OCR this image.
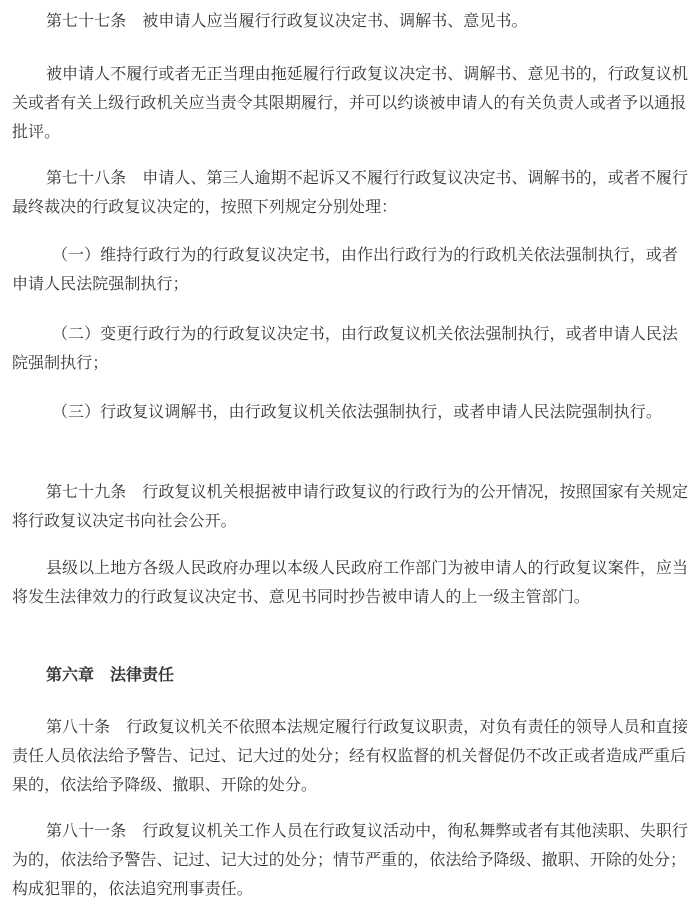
第七十七条　被申请人应当履行行政复议决定书、调解书、意见书。

被申请人不履行或者无正当理由拖延履行行政复议决定书、调解书、意见书的，行政复议机关或者有关上级行政机关应当责令其限期履行，并可以约谈被申请人的有关负责人或者予以通报批评。

第七十八条　申请人、第三人逾期不起诉又不履行行政复议决定书、调解书的，或者不履行最终裁决的行政复议决定的，按照下列规定分别处理：

（一）维持行政行为的行政复议决定书，由作出行政行为的行政机关依法强制执行，或者申请人民法院强制执行；

（二）变更行政行为的行政复议决定书，由行政复议机关依法强制执行，或者申请人民法院强制执行；

（三）行政复议调解书，由行政复议机关依法强制执行，或者申请人民法院强制执行。

第七十九条　行政复议机关根据被申请行政复议的行政行为的公开情况，按照国家有关规定将行政复议决定书向社会公开。

县级以上地方各级人民政府办理以本级人民政府工作部门为被申请人的行政复议案件，应当将发生法律效力的行政复议决定书、意见书同时抄告被申请人的上一级主管部门。

第六章　法律责任

第八十条　行政复议机关不依照本法规定履行行政复议职责，对负有责任的领导人员和直接责任人员依法给予警告、记过、记大过的处分；经有权监督的机关督促仍不改正或者造成严重后果的，依法给予降级、撤职、开除的处分。

第八十一条　行政复议机关工作人员在行政复议活动中，徇私舞弊或者有其他渎职、失职行为的，依法给予警告、记过、记大过的处分；情节严重的，依法给予降级、撤职、开除的处分；构成犯罪的，依法追究刑事责任。
